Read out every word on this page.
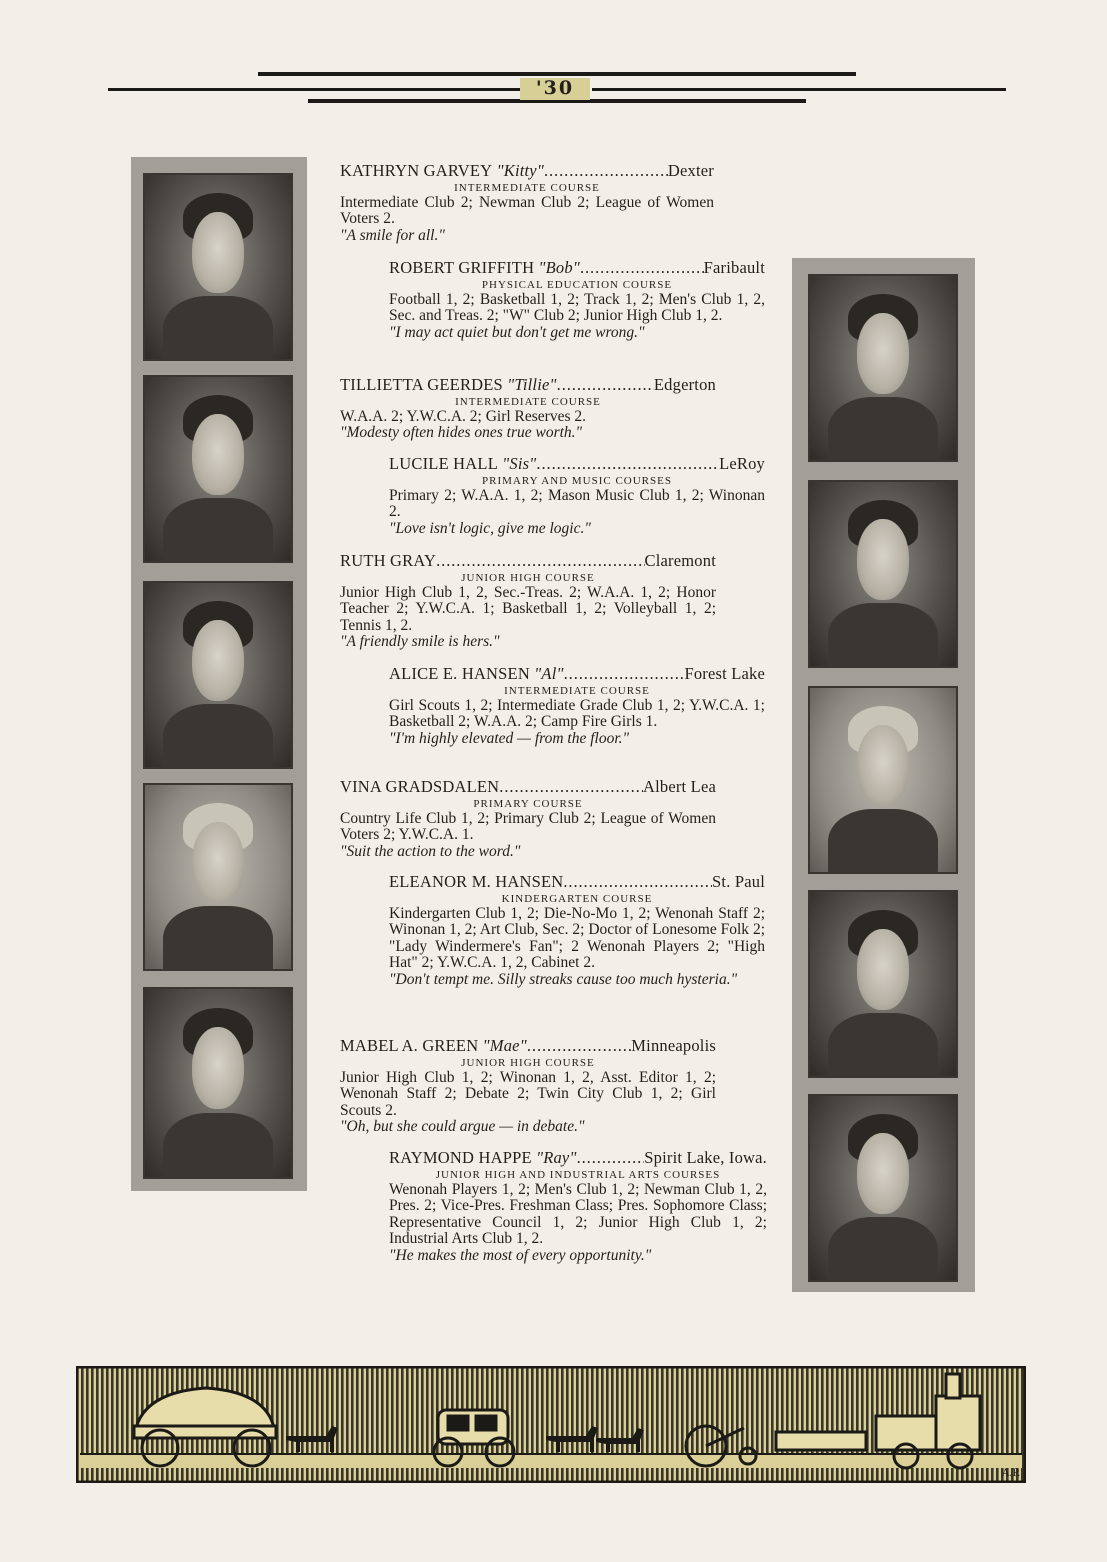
'30
KATHRYN GARVEY
"Kitty" . . .	Dexter
INTERMEDIATE COURSE
Intermediate Club 2; Newman Club 2; League of Women Voters 2.
"A smile for all."
ROBERT GRIFFITH
"Bob" . . .	Faribault
PHYSICAL EDUCATION COURSE
Football 1, 2; Basketball 1, 2; Track 1, 2; Men's Club 1, 2, Sec. and Treas. 2; "W" Club 2; Junior High Club 1, 2.
"I may act quiet but don't get me wrong."
TILLIETTA GEERDES
"Tillie" . . .	Edgerton
INTERMEDIATE COURSE
W.A.A. 2; Y.W.C.A. 2; Girl Reserves 2.
"Modesty often hides ones true worth."
LUCILE HALL
"Sis" . . .	LeRoy
PRIMARY AND MUSIC COURSES
Primary 2; W.A.A. 1, 2; Mason Music Club 1, 2; Winonan 2.
"Love isn't logic, give me logic."
RUTH GRAY . . .	Claremont
JUNIOR HIGH COURSE
Junior High Club 1, 2, Sec.-Treas. 2; W.A.A. 1, 2; Honor Teacher 2; Y.W.C.A. 1; Basketball 1, 2; Volleyball 1, 2; Tennis 1, 2.
"A friendly smile is hers."
ALICE E. HANSEN
"Al" . . .	Forest Lake
INTERMEDIATE COURSE
Girl Scouts 1, 2; Intermediate Grade Club 1, 2; Y.W.C.A. 1; Basketball 2; W.A.A. 2; Camp Fire Girls 1.
"I'm highly elevated — from the floor."
VINA GRADSDALEN . . .	Albert Lea
PRIMARY COURSE
Country Life Club 1, 2; Primary Club 2; League of Women Voters 2; Y.W.C.A. 1.
"Suit the action to the word."
ELEANOR M. HANSEN . . .	St. Paul
KINDERGARTEN COURSE
Kindergarten Club 1, 2; Die-No-Mo 1, 2; Wenonah Staff 2; Winonan 1, 2; Art Club, Sec. 2; Doctor of Lonesome Folk 2; "Lady Windermere's Fan"; 2 Wenonah Players 2; "High Hat" 2; Y.W.C.A. 1, 2, Cabinet 2.
"Don't tempt me. Silly streaks cause too much hysteria."
MABEL A. GREEN
"Mae" . . .	Minneapolis
JUNIOR HIGH COURSE
Junior High Club 1, 2; Winonan 1, 2, Asst. Editor 1, 2; Wenonah Staff 2; Debate 2; Twin City Club 1, 2; Girl Scouts 2.
"Oh, but she could argue — in debate."
RAYMOND HAPPE
"Ray" . . .	Spirit Lake, Iowa.
JUNIOR HIGH AND INDUSTRIAL ARTS COURSES
Wenonah Players 1, 2; Men's Club 1, 2; Newman Club 1, 2, Pres. 2; Vice-Pres. Freshman Class; Pres. Sophomore Class; Representative Council 1, 2; Junior High Club 1, 2; Industrial Arts Club 1, 2.
"He makes the most of every opportunity."
A.P.
